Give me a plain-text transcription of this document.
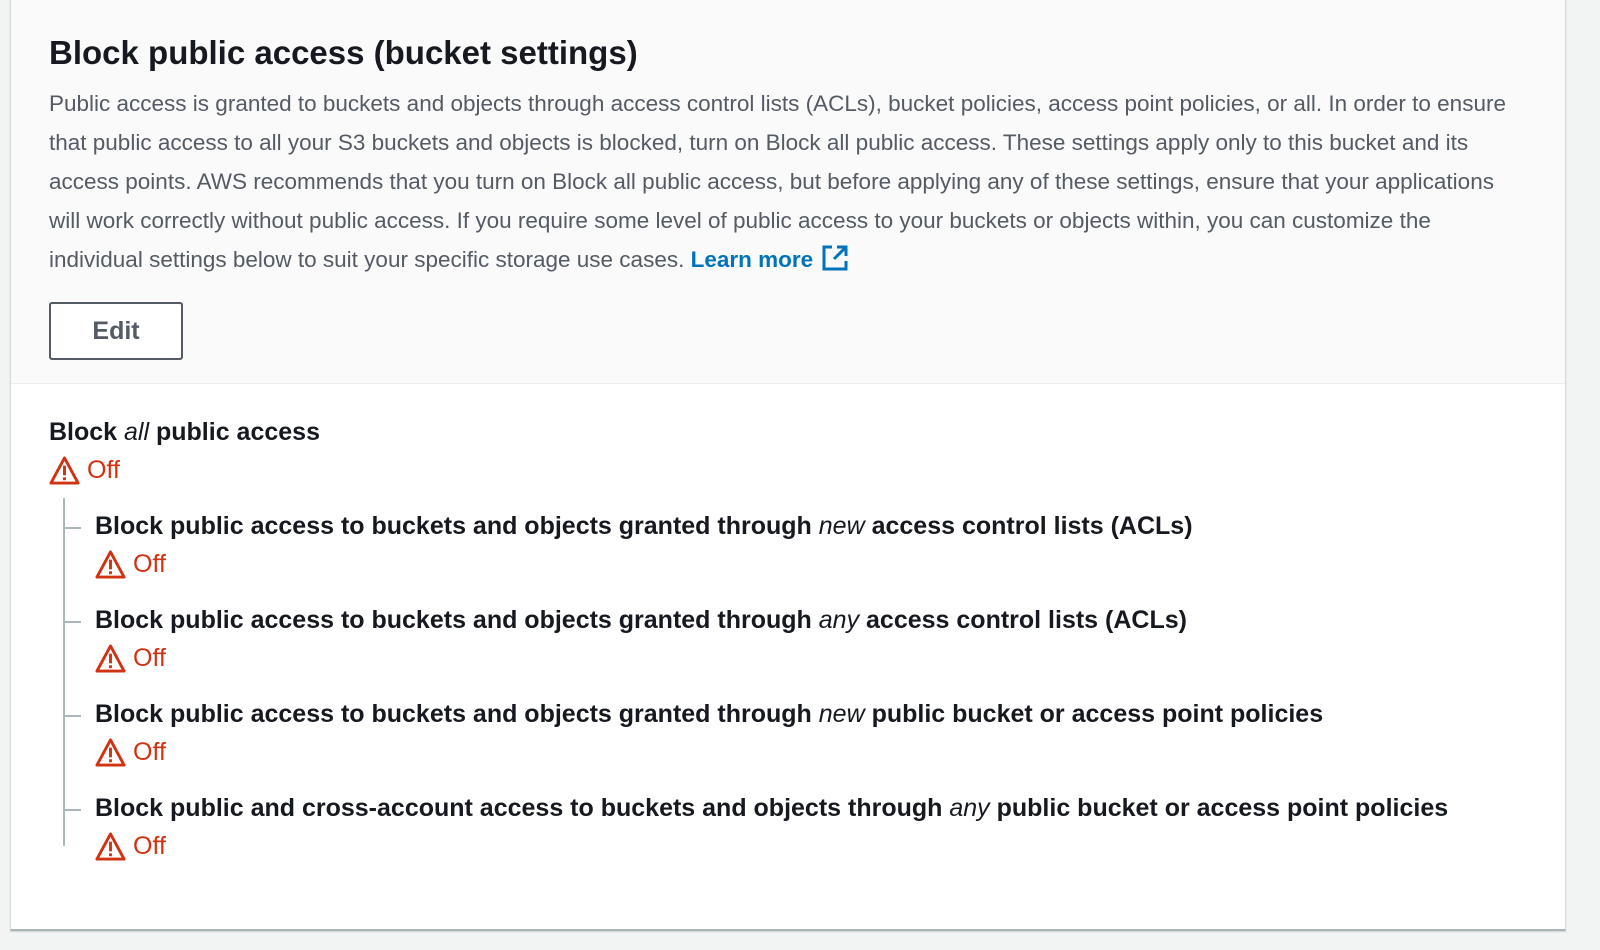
Block public access (bucket settings)

Public access is granted to buckets and objects through access control lists (ACLs), bucket policies, access point policies, or all. In order to ensure that public access to all your S3 buckets and objects is blocked, turn on Block all public access. These settings apply only to this bucket and its access points. AWS recommends that you turn on Block all public access, but before applying any of these settings, ensure that your applications will work correctly without public access. If you require some level of public access to your buckets or objects within, you can customize the individual settings below to suit your specific storage use cases. Learn more

Edit

Block all public access

Off

Block public access to buckets and objects granted through new access control lists (ACLs)

Off

Block public access to buckets and objects granted through any access control lists (ACLs)

Off

Block public access to buckets and objects granted through new public bucket or access point policies

Off

Block public and cross-account access to buckets and objects through any public bucket or access point policies

Off
